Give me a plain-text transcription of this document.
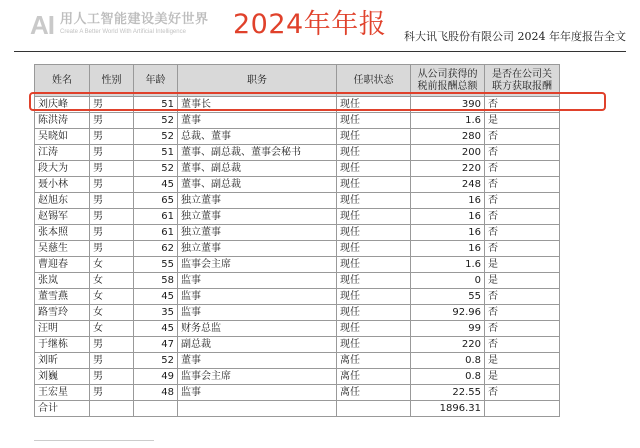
AI 用人工智能建设美好世界
Create A Better World With Artificial Intelligence	2024年年报 科大讯飞股份有限公司 2024 年年度报告全文
姓名	性别	年龄	职务	任职状态	从公司获得的税前报酬总额	是否在公司关联方获取报酬
刘庆峰	男	51	董事长	现任	390	否
陈洪涛	男	52	董事	现任	1.6	是
吴晓如	男	52	总裁、董事	现任	280	否
江涛	男	51	董事、副总裁、董事会秘书	现任	200	否
段大为	男	52	董事、副总裁	现任	220	否
聂小林	男	45	董事、副总裁	现任	248	否
赵旭东	男	65	独立董事	现任	16	否
赵锡军	男	61	独立董事	现任	16	否
张本照	男	61	独立董事	现任	16	否
吴慈生	男	62	独立董事	现任	16	否
曹迎春	女	55	监事会主席	现任	1.6	是
张岚	女	58	监事	现任	0	是
董雪燕	女	45	监事	现任	55	否
路雪玲	女	35	监事	现任	92.96	否
汪明	女	45	财务总监	现任	99	否
于继栋	男	47	副总裁	现任	220	否
刘昕	男	52	董事	离任	0.8	是
刘巍	男	49	监事会主席	离任	0.8	是
王宏星	男	48	监事	离任	22.55	否
合计					1896.31	
